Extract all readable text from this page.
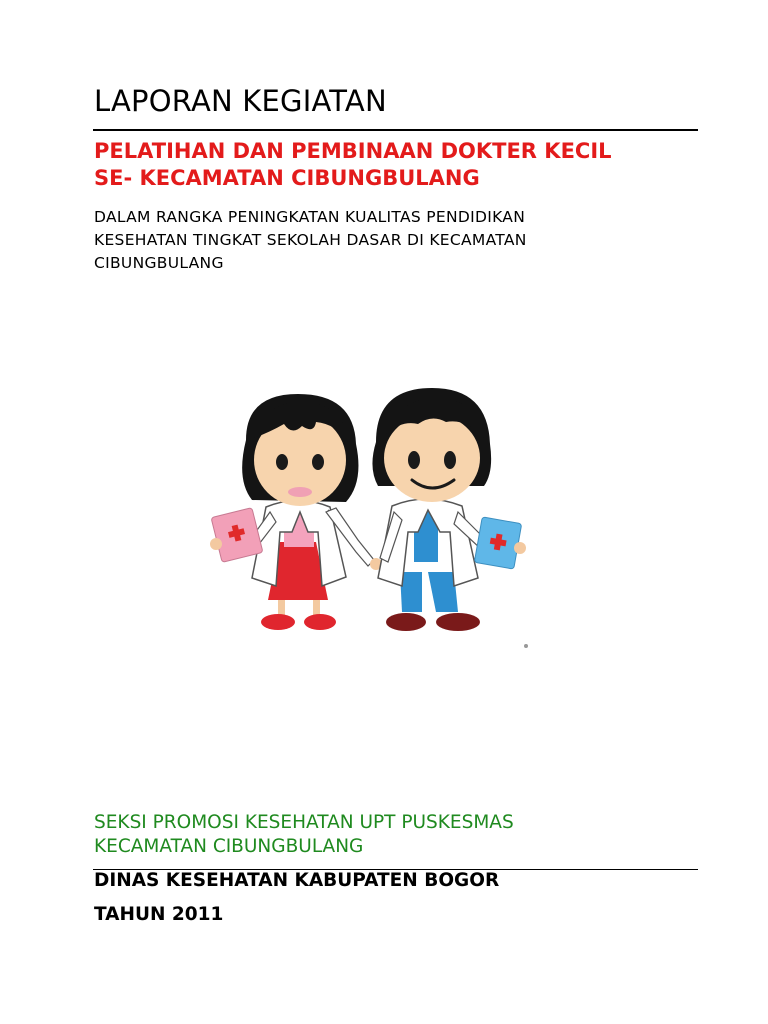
LAPORAN KEGIATAN
PELATIHAN DAN PEMBINAAN DOKTER KECIL
SE- KECAMATAN CIBUNGBULANG
DALAM RANGKA PENINGKATAN KUALITAS PENDIDIKAN
KESEHATAN TINGKAT SEKOLAH DASAR DI KECAMATAN
CIBUNGBULANG
SEKSI PROMOSI KESEHATAN UPT PUSKESMAS
KECAMATAN CIBUNGBULANG
DINAS KESEHATAN KABUPATEN BOGOR
TAHUN 2011
